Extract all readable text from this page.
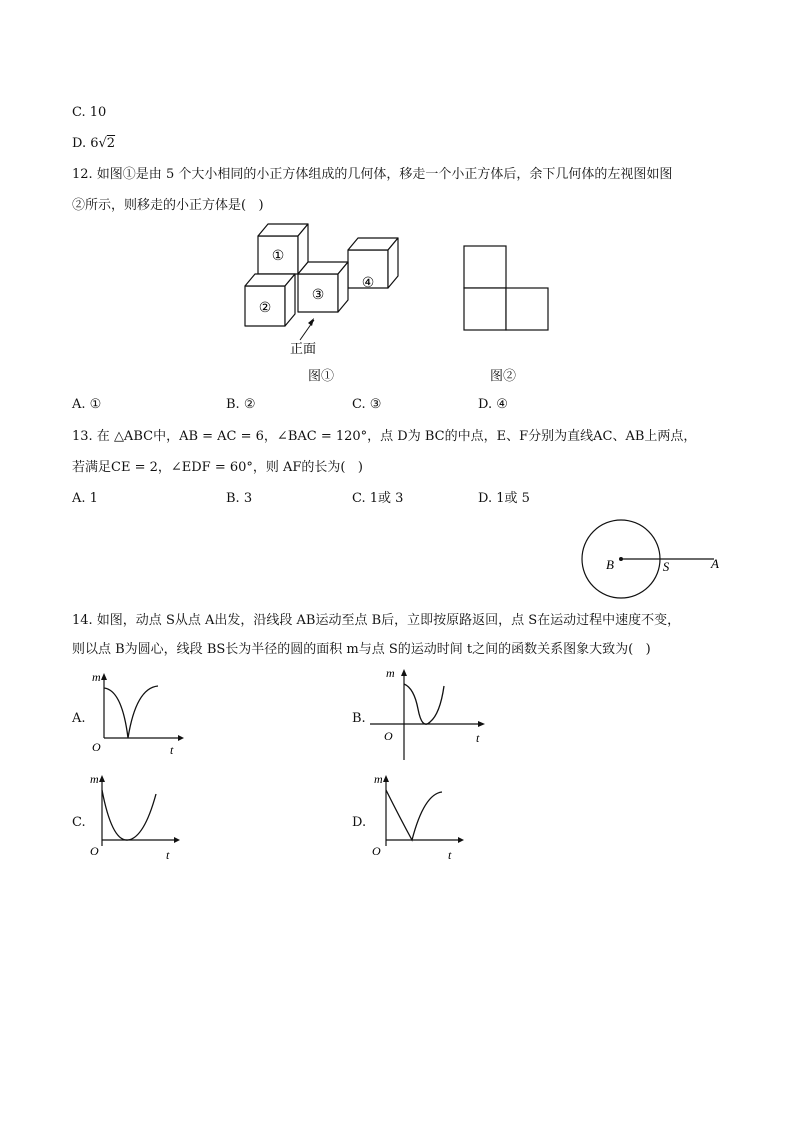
C. 10
D. 6√2
12. 如图①是由 5 个大小相同的小正方体组成的几何体，移走一个小正方体后，余下几何体的左视图如图
②所示，则移走的小正方体是(   )
①
②
③
④
正面
图①	图②
A. ①	B. ②	C. ③	D. ④
13. 在 △ABC中，AB = AC = 6，∠BAC = 120°，点 D为 BC的中点，E、F分别为直线AC、AB上两点，
若满足CE = 2，∠EDF = 60°，则 AF的长为(   )
A. 1	B. 3	C. 1或 3	D. 1或 5
B	S	A
14. 如图，动点 S从点 A出发，沿线段 AB运动至点 B后，立即按原路返回，点 S在运动过程中速度不变，
则以点 B为圆心，线段 BS长为半径的圆的面积 m与点 S的运动时间 t之间的函数关系图象大致为(   )
A.
m
O	t
B.
m
O	t
C.
m
O	t
D.
m
O	t
